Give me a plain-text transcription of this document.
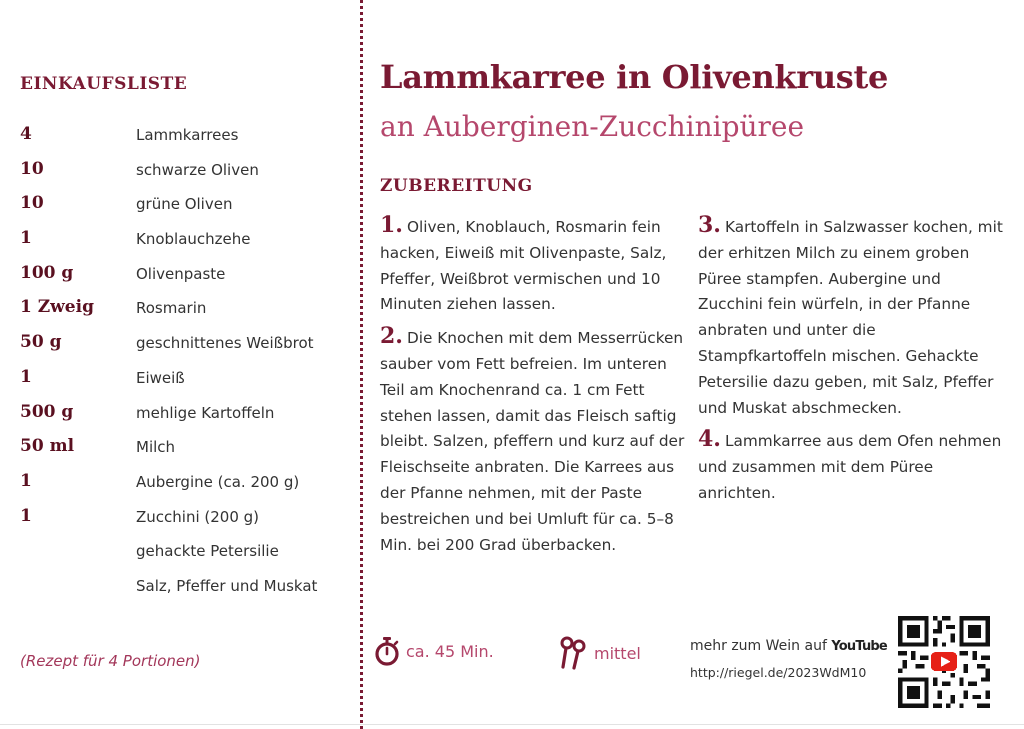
EINKAUFSLISTE
4	Lammkarrees
10	schwarze Oliven
10	grüne Oliven
1	Knoblauchzehe
100 g	Olivenpaste
1 Zweig	Rosmarin
50 g	geschnittenes Weißbrot
1	Eiweiß
500 g	mehlige Kartoffeln
50 ml	Milch
1	Aubergine (ca. 200 g)
1	Zucchini (200 g)
gehackte Petersilie
Salz, Pfeffer und Muskat
(Rezept für 4 Portionen)
Lammkarree in Olivenkruste
an Auberginen-Zucchinipüree
ZUBEREITUNG

1. Oliven, Knoblauch, Rosmarin fein hacken, Eiweiß mit Olivenpaste, Salz, Pfeffer, Weißbrot vermischen und 10 Minuten ziehen lassen.

2. Die Knochen mit dem Messerrücken sauber vom Fett befreien. Im unteren Teil am Knochenrand ca. 1 cm Fett stehen lassen, damit das Fleisch saftig bleibt. Salzen, pfeffern und kurz auf der Fleischseite anbraten. Die Karrees aus der Pfanne nehmen, mit der Paste bestreichen und bei Umluft für ca. 5–8 Min. bei 200 Grad überbacken.

3. Kartoffeln in Salzwasser kochen, mit der erhitzen Milch zu einem groben Püree stampfen. Aubergine und Zucchini fein würfeln, in der Pfanne anbraten und unter die Stampfkartoffeln mischen. Gehackte Petersilie dazu geben, mit Salz, Pfeffer und Muskat abschmecken.

4. Lammkarree aus dem Ofen nehmen und zusammen mit dem Püree anrichten.

ca. 45 Min.	mittel	mehr zum Wein auf YouTube
http://riegel.de/2023WdM10
